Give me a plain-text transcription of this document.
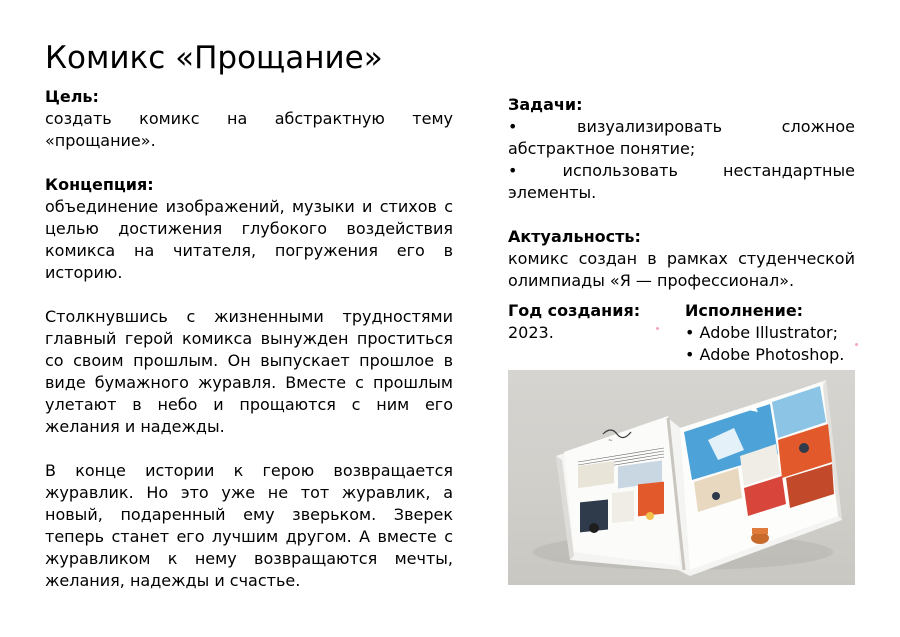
Комикс «Прощание»
Цель:

создать комикс на абстрактную тему «прощание».

Концепция:

объединение изображений, музыки и стихов с целью достижения глубокого воздействия комикса на читателя, погружения его в историю.

Столкнувшись с жизненными трудностями главный герой комикса вынужден проститься со своим прошлым. Он выпускает прошлое в виде бумажного журавля. Вместе с прошлым улетают в небо и прощаются с ним его желания и надежды.

В конце истории к герою возвращается журавлик. Но это уже не тот журавлик, а новый, подаренный ему зверьком. Зверек теперь станет его лучшим другом. А вместе с журавликом к нему возвращаются мечты, желания, надежды и счастье.

Задачи:

• визуализировать сложное абстрактное понятие;

• использовать нестандартные элементы.

Актуальность:

комикс создан в рамках студенческой олимпиады «Я — профессионал».

Год создания:
2023.
Исполнение:
• Adobe Illustrator;
• Adobe Photoshop.
~
